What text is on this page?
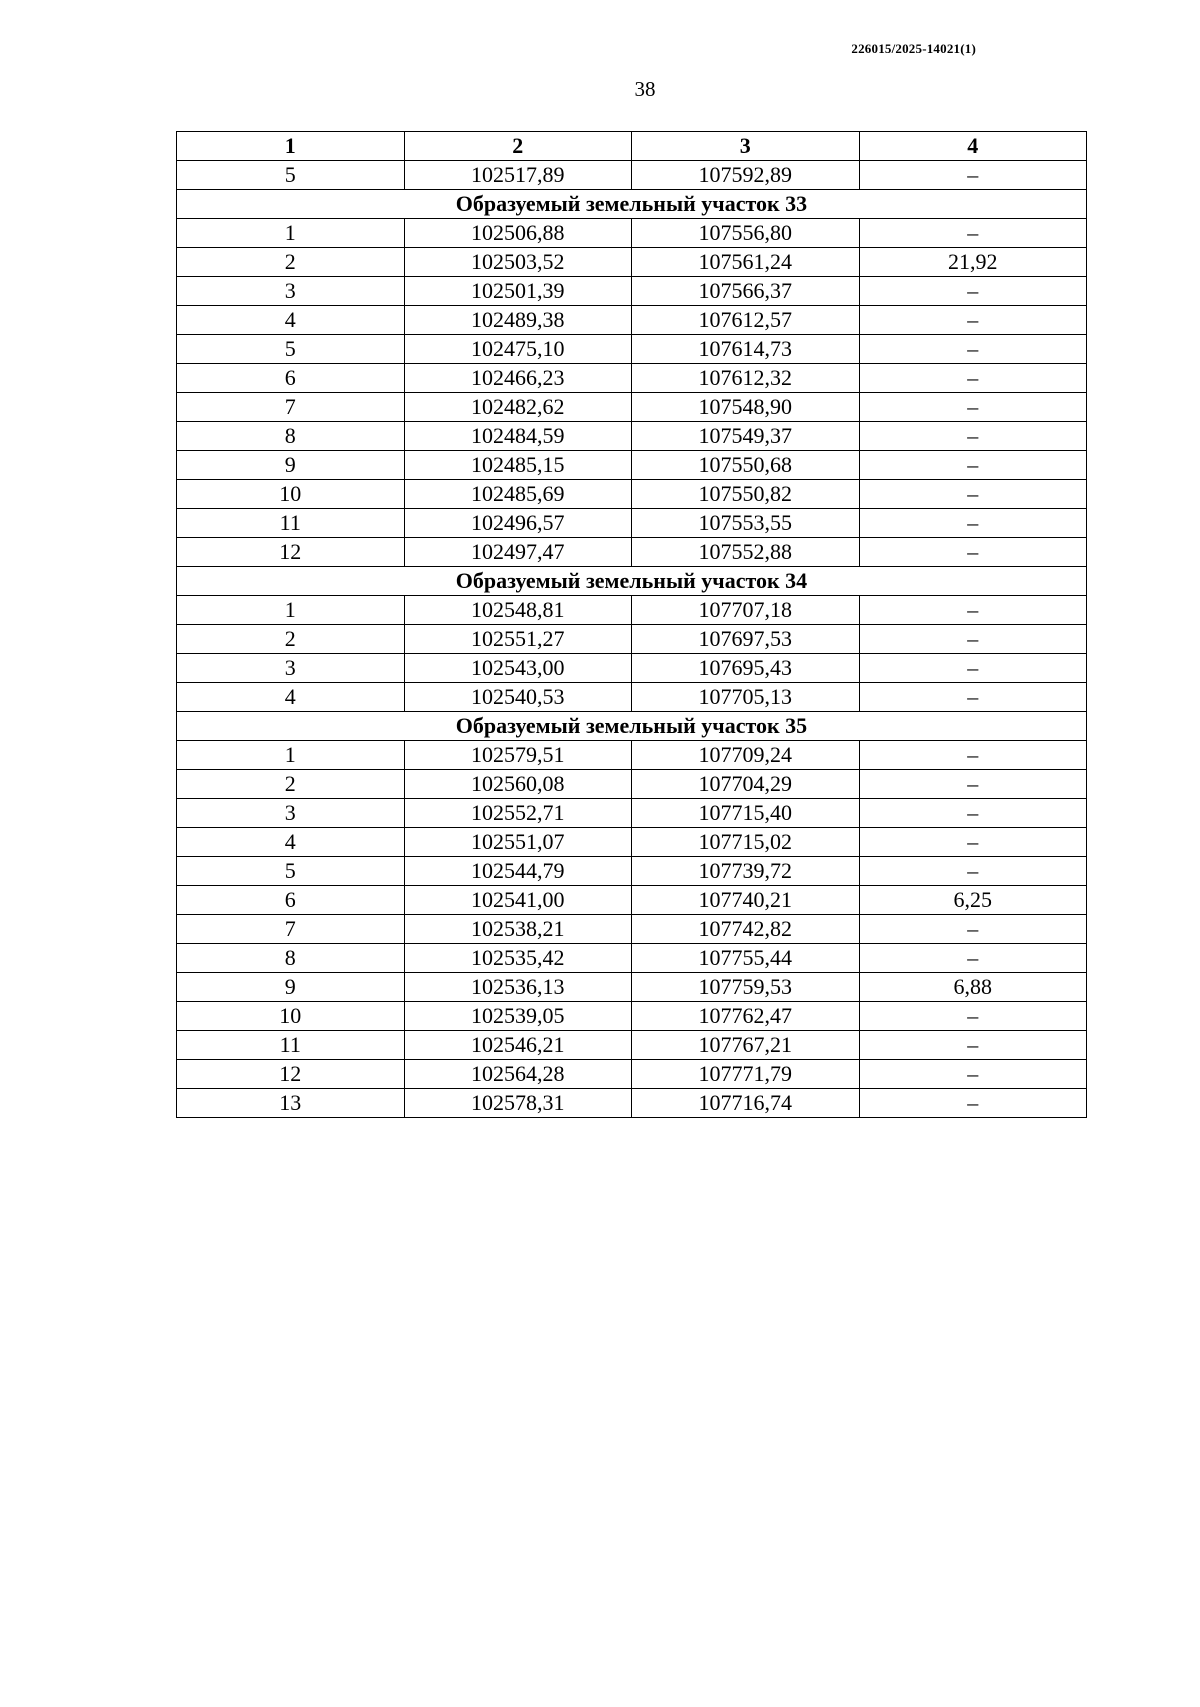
226015/2025-14021(1)
38
1	2	3	4
5	102517,89	107592,89	–
Образуемый земельный участок 33			
1	102506,88	107556,80	–
2	102503,52	107561,24	21,92
3	102501,39	107566,37	–
4	102489,38	107612,57	–
5	102475,10	107614,73	–
6	102466,23	107612,32	–
7	102482,62	107548,90	–
8	102484,59	107549,37	–
9	102485,15	107550,68	–
10	102485,69	107550,82	–
11	102496,57	107553,55	–
12	102497,47	107552,88	–
Образуемый земельный участок 34			
1	102548,81	107707,18	–
2	102551,27	107697,53	–
3	102543,00	107695,43	–
4	102540,53	107705,13	–
Образуемый земельный участок 35			
1	102579,51	107709,24	–
2	102560,08	107704,29	–
3	102552,71	107715,40	–
4	102551,07	107715,02	–
5	102544,79	107739,72	–
6	102541,00	107740,21	6,25
7	102538,21	107742,82	–
8	102535,42	107755,44	–
9	102536,13	107759,53	6,88
10	102539,05	107762,47	–
11	102546,21	107767,21	–
12	102564,28	107771,79	–
13	102578,31	107716,74	–
